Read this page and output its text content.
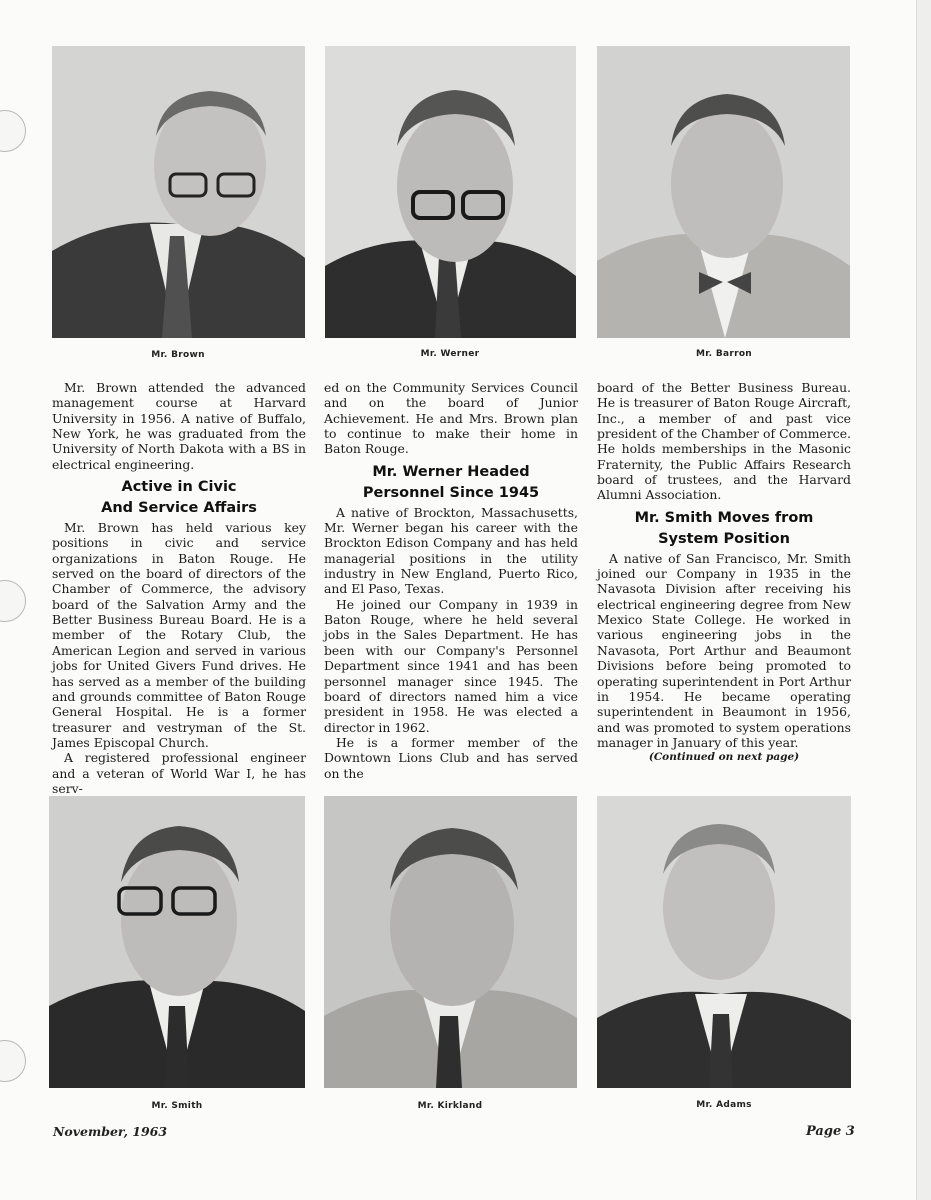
Mr. Brown	Mr. Werner	Mr. Barron

Mr. Brown attended the advanced management course at Harvard University in 1956. A native of Buffalo, New York, he was graduated from the University of North Dakota with a BS in electrical engineering.

Active in Civic
And Service Affairs

Mr. Brown has held various key positions in civic and service organizations in Baton Rouge. He served on the board of directors of the Chamber of Commerce, the advisory board of the Salvation Army and the Better Business Bureau Board. He is a member of the Rotary Club, the American Legion and served in various jobs for United Givers Fund drives. He has served as a member of the building and grounds committee of Baton Rouge General Hospital. He is a former treasurer and vestryman of the St. James Episcopal Church.

A registered professional engineer and a veteran of World War I, he has serv-

ed on the Community Services Council and on the board of Junior Achievement. He and Mrs. Brown plan to continue to make their home in Baton Rouge.

Mr. Werner Headed
Personnel Since 1945

A native of Brockton, Massachusetts, Mr. Werner began his career with the Brockton Edison Company and has held managerial positions in the utility industry in New England, Puerto Rico, and El Paso, Texas.

He joined our Company in 1939 in Baton Rouge, where he held several jobs in the Sales Department. He has been with our Company's Personnel Department since 1941 and has been personnel manager since 1945. The board of directors named him a vice president in 1958. He was elected a director in 1962.

He is a former member of the Downtown Lions Club and has served on the

board of the Better Business Bureau. He is treasurer of Baton Rouge Aircraft, Inc., a member of and past vice president of the Chamber of Commerce. He holds memberships in the Masonic Fraternity, the Public Affairs Research board of trustees, and the Harvard Alumni Association.

Mr. Smith Moves from
System Position

A native of San Francisco, Mr. Smith joined our Company in 1935 in the Navasota Division after receiving his electrical engineering degree from New Mexico State College. He worked in various engineering jobs in the Navasota, Port Arthur and Beaumont Divisions before being promoted to operating superintendent in Port Arthur in 1954. He became operating superintendent in Beaumont in 1956, and was promoted to system operations manager in January of this year.

(Continued on next page)

Mr. Smith	Mr. Kirkland	Mr. Adams
November, 1963	Page 3
